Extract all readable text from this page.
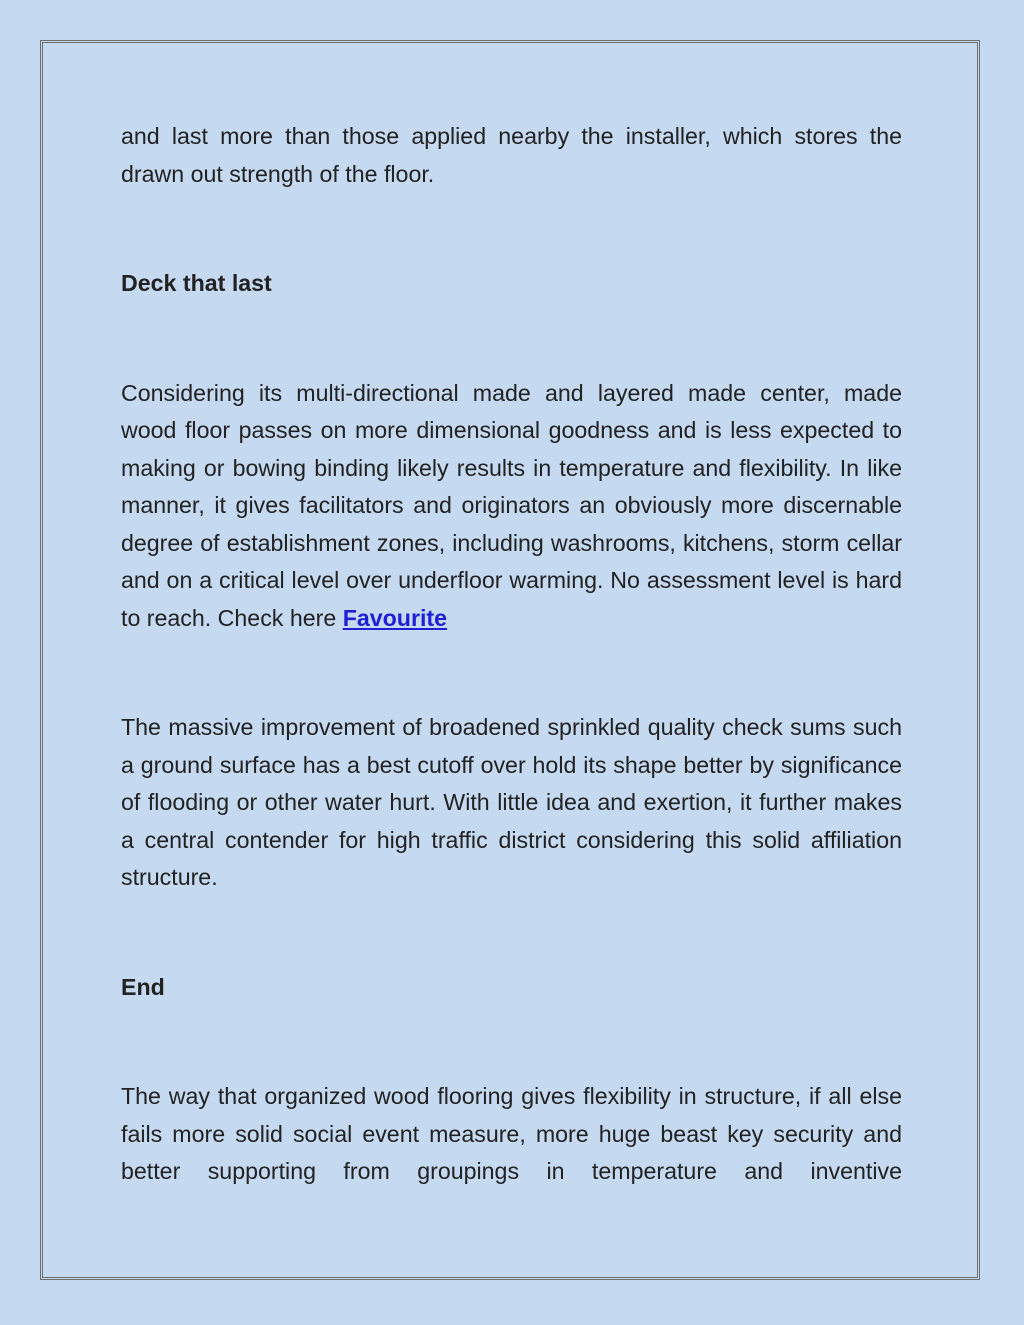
and last more than those applied nearby the installer, which stores the drawn out strength of the floor.

Deck that last

Considering its multi-directional made and layered made center, made wood floor passes on more dimensional goodness and is less expected to making or bowing binding likely results in temperature and flexibility. In like manner, it gives facilitators and originators an obviously more discernable degree of establishment zones, including washrooms, kitchens, storm cellar and on a critical level over underfloor warming. No assessment level is hard to reach. Check here Favourite

The massive improvement of broadened sprinkled quality check sums such a ground surface has a best cutoff over hold its shape better by significance of flooding or other water hurt. With little idea and exertion, it further makes a central contender for high traffic district considering this solid affiliation structure.

End

The way that organized wood flooring gives flexibility in structure, if all else fails more solid social event measure, more huge beast key security and better supporting from groupings in temperature and inventive
